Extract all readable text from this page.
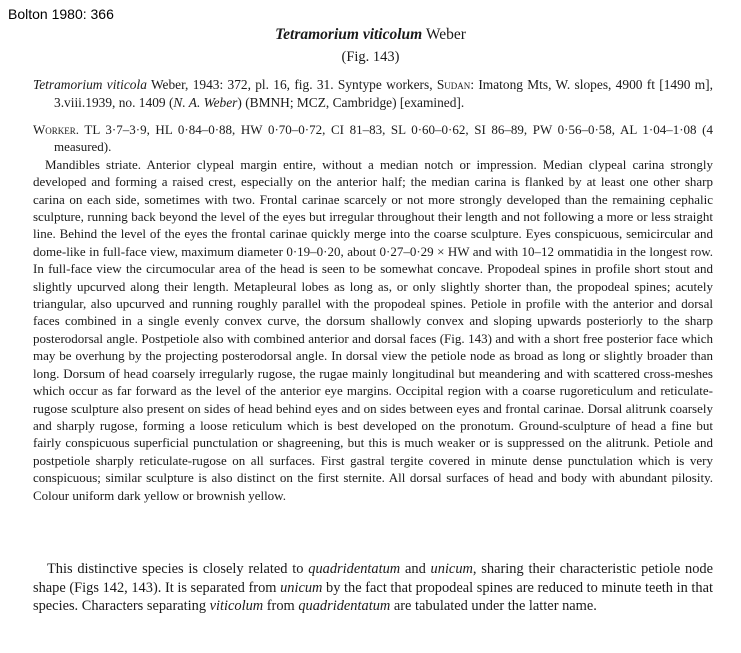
Bolton 1980: 366
Tetramorium viticolum Weber
(Fig. 143)
Tetramorium viticola Weber, 1943: 372, pl. 16, fig. 31. Syntype workers, Sudan: Imatong Mts, W. slopes, 4900 ft [1490 m], 3.viii.1939, no. 1409 (N. A. Weber) (BMNH; MCZ, Cambridge) [examined].

Worker. TL 3·7–3·9, HL 0·84–0·88, HW 0·70–0·72, CI 81–83, SL 0·60–0·62, SI 86–89, PW 0·56–0·58, AL 1·04–1·08 (4 measured).

Mandibles striate. Anterior clypeal margin entire, without a median notch or impression. Median clypeal carina strongly developed and forming a raised crest, especially on the anterior half; the median carina is flanked by at least one other sharp carina on each side, sometimes with two. Frontal carinae scarcely or not more strongly developed than the remaining cephalic sculpture, running back beyond the level of the eyes but irregular throughout their length and not following a more or less straight line. Behind the level of the eyes the frontal carinae quickly merge into the coarse sculpture. Eyes conspicuous, semicircular and dome-like in full-face view, maximum diameter 0·19–0·20, about 0·27–0·29 × HW and with 10–12 ommatidia in the longest row. In full-face view the circumocular area of the head is seen to be somewhat concave. Propodeal spines in profile short stout and slightly upcurved along their length. Metapleural lobes as long as, or only slightly shorter than, the propodeal spines; acutely triangular, also upcurved and running roughly parallel with the propodeal spines. Petiole in profile with the anterior and dorsal faces combined in a single evenly convex curve, the dorsum shallowly convex and sloping upwards posteriorly to the sharp posterodorsal angle. Postpetiole also with combined anterior and dorsal faces (Fig. 143) and with a short free posterior face which may be overhung by the projecting posterodorsal angle. In dorsal view the petiole node as broad as long or slightly broader than long. Dorsum of head coarsely irregularly rugose, the rugae mainly longitudinal but meandering and with scattered cross-meshes which occur as far forward as the level of the anterior eye margins. Occipital region with a coarse rugoreticulum and reticulate-rugose sculpture also present on sides of head behind eyes and on sides between eyes and frontal carinae. Dorsal alitrunk coarsely and sharply rugose, forming a loose reticulum which is best developed on the pronotum. Ground-sculpture of head a fine but fairly conspicuous superficial punctulation or shagreening, but this is much weaker or is suppressed on the alitrunk. Petiole and postpetiole sharply reticulate-rugose on all surfaces. First gastral tergite covered in minute dense punctulation which is very conspicuous; similar sculpture is also distinct on the first sternite. All dorsal surfaces of head and body with abundant pilosity. Colour uniform dark yellow or brownish yellow.

This distinctive species is closely related to quadridentatum and unicum, sharing their characteristic petiole node shape (Figs 142, 143). It is separated from unicum by the fact that propodeal spines are reduced to minute teeth in that species. Characters separating viticolum from quadridentatum are tabulated under the latter name.
